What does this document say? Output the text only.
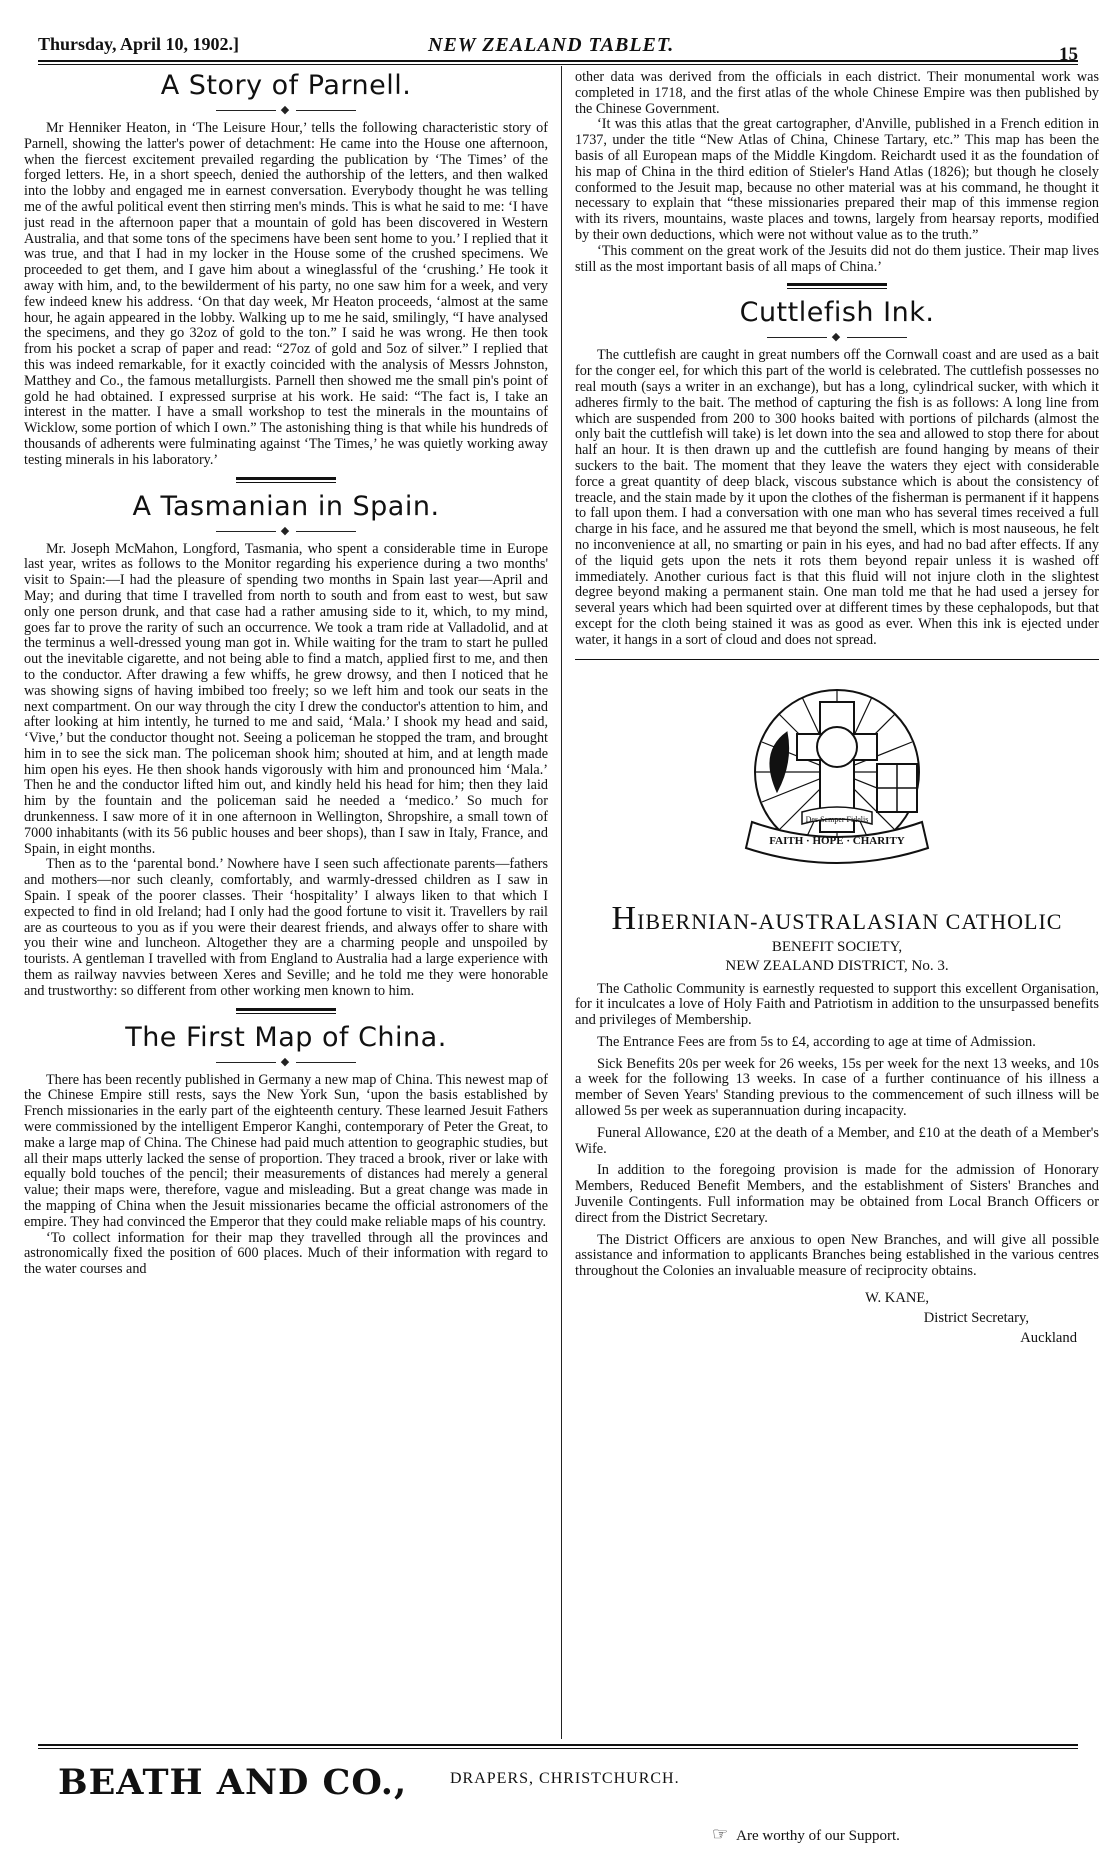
Thursday, April 10, 1902.]	NEW ZEALAND TABLET.	15
A Story of Parnell.
◆

Mr Henniker Heaton, in ‘The Leisure Hour,’ tells the following characteristic story of Parnell, showing the latter's power of detachment: He came into the House one afternoon, when the fiercest excitement prevailed regarding the publication by ‘The Times’ of the forged letters. He, in a short speech, denied the authorship of the letters, and then walked into the lobby and engaged me in earnest conversation. Everybody thought he was telling me of the awful political event then stirring men's minds. This is what he said to me: ‘I have just read in the afternoon paper that a mountain of gold has been discovered in Western Australia, and that some tons of the specimens have been sent home to you.’ I replied that it was true, and that I had in my locker in the House some of the crushed specimens. We proceeded to get them, and I gave him about a wineglassful of the ‘crushing.’ He took it away with him, and, to the bewilderment of his party, no one saw him for a week, and very few indeed knew his address. ‘On that day week, Mr Heaton proceeds, ‘almost at the same hour, he again appeared in the lobby. Walking up to me he said, smilingly, “I have analysed the specimens, and they go 32oz of gold to the ton.” I said he was wrong. He then took from his pocket a scrap of paper and read: “27oz of gold and 5oz of silver.” I replied that this was indeed remarkable, for it exactly coincided with the analysis of Messrs Johnston, Matthey and Co., the famous metallurgists. Parnell then showed me the small pin's point of gold he had obtained. I expressed surprise at his work. He said: “The fact is, I take an interest in the matter. I have a small workshop to test the minerals in the mountains of Wicklow, some portion of which I own.” The astonishing thing is that while his hundreds of thousands of adherents were fulminating against ‘The Times,’ he was quietly working away testing minerals in his laboratory.’

A Tasmanian in Spain.
◆

Mr. Joseph McMahon, Longford, Tasmania, who spent a considerable time in Europe last year, writes as follows to the Monitor regarding his experience during a two months' visit to Spain:—I had the pleasure of spending two months in Spain last year—April and May; and during that time I travelled from north to south and from east to west, but saw only one person drunk, and that case had a rather amusing side to it, which, to my mind, goes far to prove the rarity of such an occurrence. We took a tram ride at Valladolid, and at the terminus a well-dressed young man got in. While waiting for the tram to start he pulled out the inevitable cigarette, and not being able to find a match, applied first to me, and then to the conductor. After drawing a few whiffs, he grew drowsy, and then I noticed that he was showing signs of having imbibed too freely; so we left him and took our seats in the next compartment. On our way through the city I drew the conductor's attention to him, and after looking at him intently, he turned to me and said, ‘Mala.’ I shook my head and said, ‘Vive,’ but the conductor thought not. Seeing a policeman he stopped the tram, and brought him in to see the sick man. The policeman shook him; shouted at him, and at length made him open his eyes. He then shook hands vigorously with him and pronounced him ‘Mala.’ Then he and the conductor lifted him out, and kindly held his head for him; then they laid him by the fountain and the policeman said he needed a ‘medico.’ So much for drunkenness. I saw more of it in one afternoon in Wellington, Shropshire, a small town of 7000 inhabitants (with its 56 public houses and beer shops), than I saw in Italy, France, and Spain, in eight months.

Then as to the ‘parental bond.’ Nowhere have I seen such affectionate parents—fathers and mothers—nor such cleanly, comfortably, and warmly-dressed children as I saw in Spain. I speak of the poorer classes. Their ‘hospitality’ I always liken to that which I expected to find in old Ireland; had I only had the good fortune to visit it. Travellers by rail are as courteous to you as if you were their dearest friends, and always offer to share with you their wine and luncheon. Altogether they are a charming people and unspoiled by tourists. A gentleman I travelled with from England to Australia had a large experience with them as railway navvies between Xeres and Seville; and he told me they were honorable and trustworthy: so different from other working men known to him.

The First Map of China.
◆

There has been recently published in Germany a new map of China. This newest map of the Chinese Empire still rests, says the New York Sun, ‘upon the basis established by French missionaries in the early part of the eighteenth century. These learned Jesuit Fathers were commissioned by the intelligent Emperor Kanghi, contemporary of Peter the Great, to make a large map of China. The Chinese had paid much attention to geographic studies, but all their maps utterly lacked the sense of proportion. They traced a brook, river or lake with equally bold touches of the pencil; their measurements of distances had merely a general value; their maps were, therefore, vague and misleading. But a great change was made in the mapping of China when the Jesuit missionaries became the official astronomers of the empire. They had convinced the Emperor that they could make reliable maps of his country.

‘To collect information for their map they travelled through all the provinces and astronomically fixed the position of 600 places. Much of their information with regard to the water courses and

other data was derived from the officials in each district. Their monumental work was completed in 1718, and the first atlas of the whole Chinese Empire was then published by the Chinese Government.

‘It was this atlas that the great cartographer, d'Anville, published in a French edition in 1737, under the title “New Atlas of China, Chinese Tartary, etc.” This map has been the basis of all European maps of the Middle Kingdom. Reichardt used it as the foundation of his map of China in the third edition of Stieler's Hand Atlas (1826); but though he closely conformed to the Jesuit map, because no other material was at his command, he thought it necessary to explain that “these missionaries prepared their map of this immense region with its rivers, mountains, waste places and towns, largely from hearsay reports, modified by their own deductions, which were not without value as to the truth.”

‘This comment on the great work of the Jesuits did not do them justice. Their map lives still as the most important basis of all maps of China.’

Cuttlefish Ink.
◆

The cuttlefish are caught in great numbers off the Cornwall coast and are used as a bait for the conger eel, for which this part of the world is celebrated. The cuttlefish possesses no real mouth (says a writer in an exchange), but has a long, cylindrical sucker, with which it adheres firmly to the bait. The method of capturing the fish is as follows: A long line from which are suspended from 200 to 300 hooks baited with portions of pilchards (almost the only bait the cuttlefish will take) is let down into the sea and allowed to stop there for about half an hour. It is then drawn up and the cuttlefish are found hanging by means of their suckers to the bait. The moment that they leave the waters they eject with considerable force a great quantity of deep black, viscous substance which is about the consistency of treacle, and the stain made by it upon the clothes of the fisherman is permanent if it happens to fall upon them. I had a conversation with one man who has several times received a full charge in his face, and he assured me that beyond the smell, which is most nauseous, he felt no inconvenience at all, no smarting or pain in his eyes, and had no bad after effects. If any of the liquid gets upon the nets it rots them beyond repair unless it is washed off immediately. Another curious fact is that this fluid will not injure cloth in the slightest degree beyond making a permanent stain. One man told me that he had used a jersey for several years which had been squirted over at different times by these cephalopods, but that except for the cloth being stained it was as good as ever. When this ink is ejected under water, it hangs in a sort of cloud and does not spread.

Des Semper Fidelis
FAITH · HOPE · CHARITY
HIBERNIAN-AUSTRALASIAN CATHOLIC
BENEFIT SOCIETY,
NEW ZEALAND DISTRICT, No. 3.

The Catholic Community is earnestly requested to support this excellent Organisation, for it inculcates a love of Holy Faith and Patriotism in addition to the unsurpassed benefits and privileges of Membership.

The Entrance Fees are from 5s to £4, according to age at time of Admission.

Sick Benefits 20s per week for 26 weeks, 15s per week for the next 13 weeks, and 10s a week for the following 13 weeks. In case of a further continuance of his illness a member of Seven Years' Standing previous to the commencement of such illness will be allowed 5s per week as superannuation during incapacity.

Funeral Allowance, £20 at the death of a Member, and £10 at the death of a Member's Wife.

In addition to the foregoing provision is made for the admission of Honorary Members, Reduced Benefit Members, and the establishment of Sisters' Branches and Juvenile Contingents. Full information may be obtained from Local Branch Officers or direct from the District Secretary.

The District Officers are anxious to open New Branches, and will give all possible assistance and information to applicants Branches being established in the various centres throughout the Colonies an invaluable measure of reciprocity obtains.

W. KANE,
District Secretary,
Auckland
BEATH AND CO.,	DRAPERS, CHRISTCHURCH.
☞ Are worthy of our Support.
